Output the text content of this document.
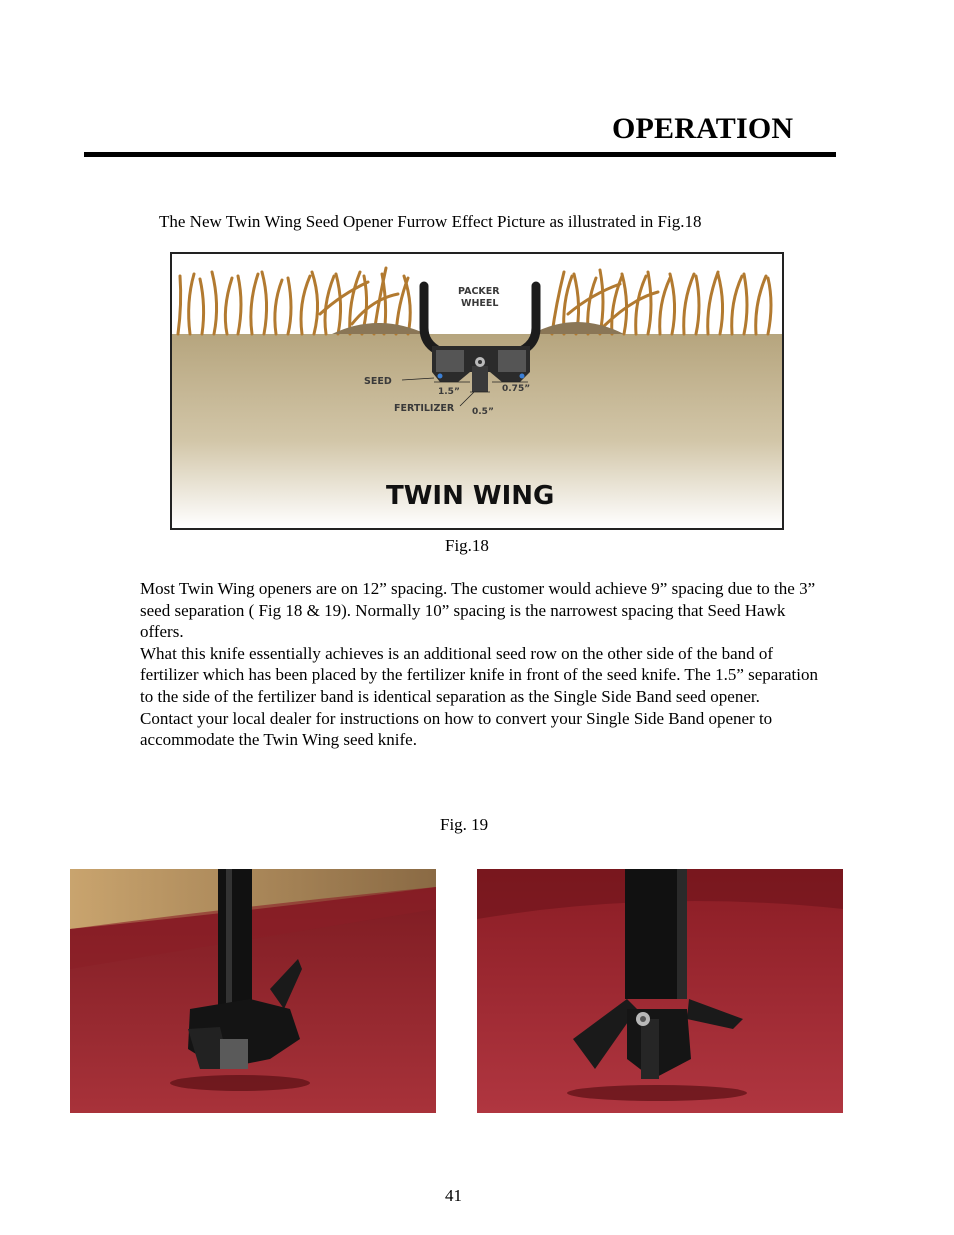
OPERATION
The New Twin Wing Seed Opener Furrow Effect Picture as illustrated in Fig.18
PACKER
WHEEL
SEED
FERTILIZER
1.5”	0.75”
0.5”
TWIN WING
Fig.18

Most Twin Wing openers are on 12” spacing. The customer would achieve 9” spacing due to the 3” seed separation ( Fig 18 & 19). Normally 10” spacing is the narrowest spacing that Seed Hawk offers.

What this knife essentially achieves is an additional seed row on the other side of the band of fertilizer which has been placed by the fertilizer knife in front of the seed knife. The 1.5” separation to the side of the fertilizer band is identical separation as the Single Side Band seed opener.

Contact your local dealer for instructions on how to convert your Single Side Band opener to accommodate the Twin Wing seed knife.

Fig. 19
41
